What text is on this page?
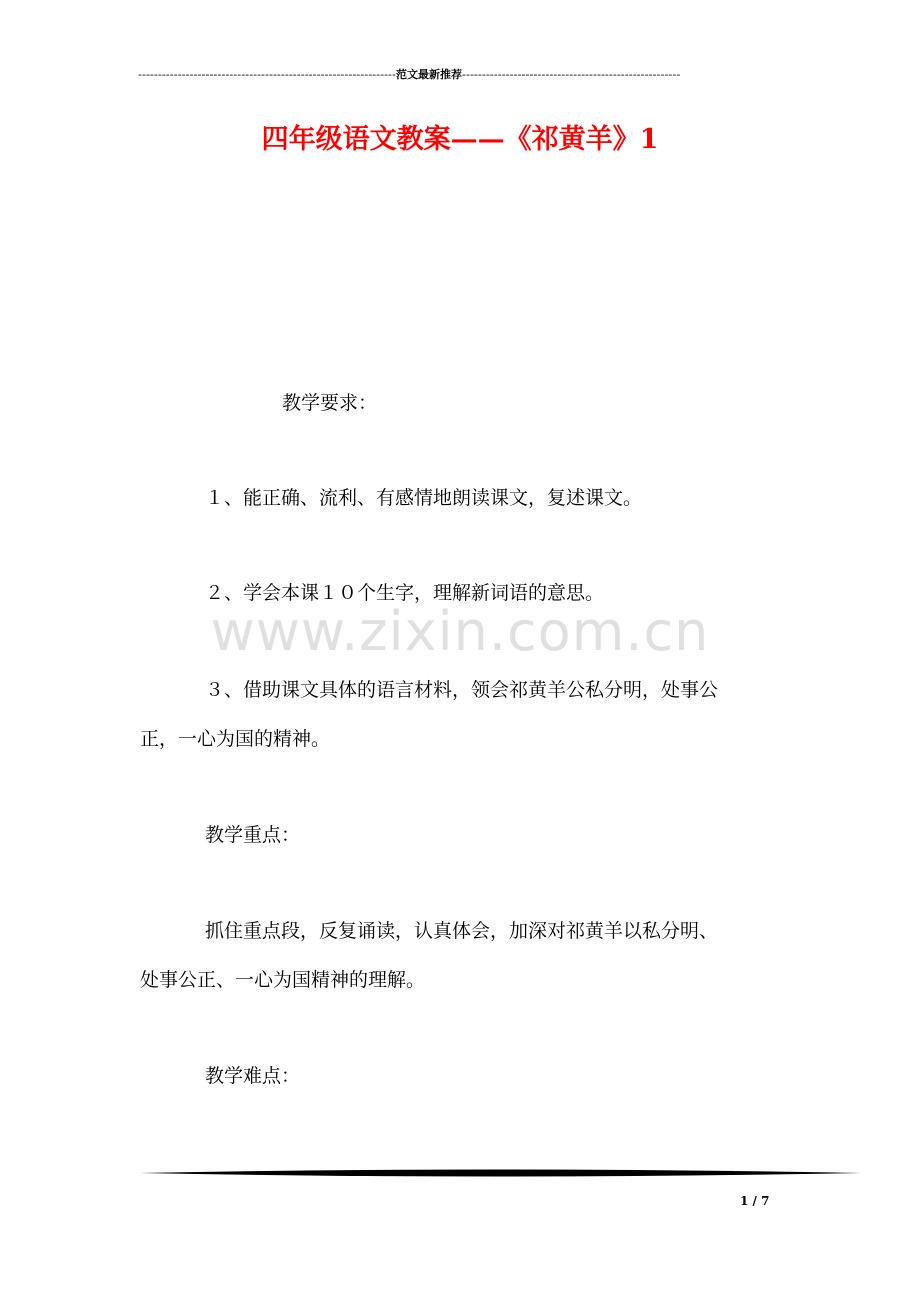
-----------------------------------------------------------------范文最新推荐-------------------------------------------------------
四年级语文教案——《祁黄羊》1

教学要求：

１、能正确、流利、有感情地朗读课文，复述课文。

２、学会本课１０个生字，理解新词语的意思。

３、借助课文具体的语言材料，领会祁黄羊公私分明，处事公

正，一心为国的精神。

教学重点：

抓住重点段，反复诵读，认真体会，加深对祁黄羊以私分明、

处事公正、一心为国精神的理解。

教学难点：

www.zixin.com.cn
1 / 7
